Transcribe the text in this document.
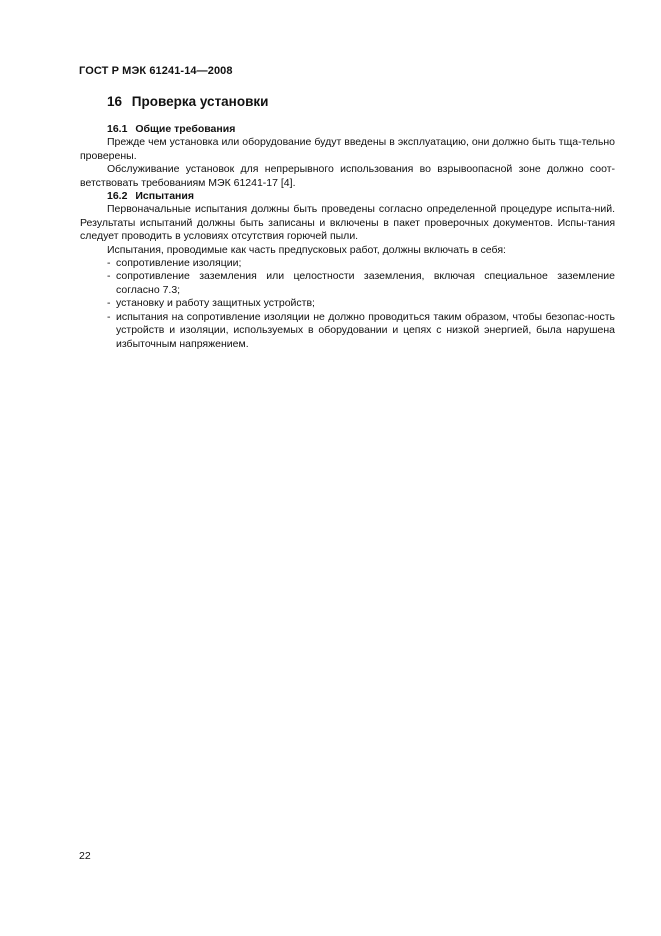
ГОСТ Р МЭК 61241-14—2008
16 Проверка установки
16.1 Общие требования

Прежде чем установка или оборудование будут введены в эксплуатацию, они должно быть тща-тельно проверены.

Обслуживание установок для непрерывного использования во взрывоопасной зоне должно соот-ветствовать требованиям МЭК 61241-17 [4].

16.2 Испытания

Первоначальные испытания должны быть проведены согласно определенной процедуре испыта-ний. Результаты испытаний должны быть записаны и включены в пакет проверочных документов. Испы-тания следует проводить в условиях отсутствия горючей пыли.

Испытания, проводимые как часть предпусковых работ, должны включать в себя:

- сопротивление изоляции;
- сопротивление заземления или целостности заземления, включая специальное заземление согласно 7.3;
- установку и работу защитных устройств;
- испытания на сопротивление изоляции не должно проводиться таким образом, чтобы безопас-ность устройств и изоляции, используемых в оборудовании и цепях с низкой энергией, была нарушена избыточным напряжением.
22
